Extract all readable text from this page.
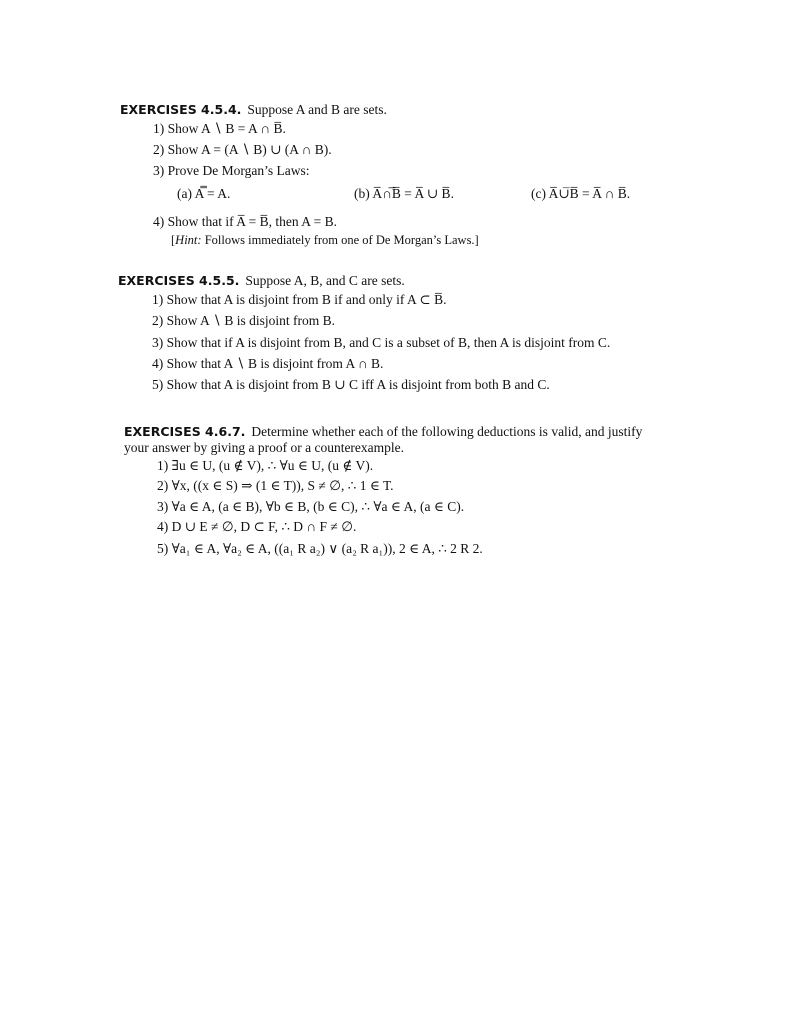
EXERCISES 4.5.4. Suppose A and B are sets.
1) Show A ∖ B = A ∩ B̅.
2) Show A = (A ∖ B) ∪ (A ∩ B).
3) Prove De Morgan’s Laws:
(a) A̿ = A.	(b) A̅∩̅B̅ = A̅ ∪ B̅.	(c) A̅∪̅B̅ = A̅ ∩ B̅.
4) Show that if A̅ = B̅, then A = B.
[Hint: Follows immediately from one of De Morgan’s Laws.]
EXERCISES 4.5.5. Suppose A, B, and C are sets.
1) Show that A is disjoint from B if and only if A ⊂ B̅.
2) Show A ∖ B is disjoint from B.
3) Show that if A is disjoint from B, and C is a subset of B, then A is disjoint from C.
4) Show that A ∖ B is disjoint from A ∩ B.
5) Show that A is disjoint from B ∪ C iff A is disjoint from both B and C.
EXERCISES 4.6.7. Determine whether each of the following deductions is valid, and justify
your answer by giving a proof or a counterexample.
1) ∃u ∈ U, (u ∉ V), ∴ ∀u ∈ U, (u ∉ V).
2) ∀x, ((x ∈ S) ⇒ (1 ∈ T)), S ≠ ∅, ∴ 1 ∈ T.
3) ∀a ∈ A, (a ∈ B), ∀b ∈ B, (b ∈ C), ∴ ∀a ∈ A, (a ∈ C).
4) D ∪ E ≠ ∅, D ⊂ F, ∴ D ∩ F ≠ ∅.
5) ∀a₁ ∈ A, ∀a₂ ∈ A, ((a₁ R a₂) ∨ (a₂ R a₁)), 2 ∈ A, ∴ 2 R 2.
